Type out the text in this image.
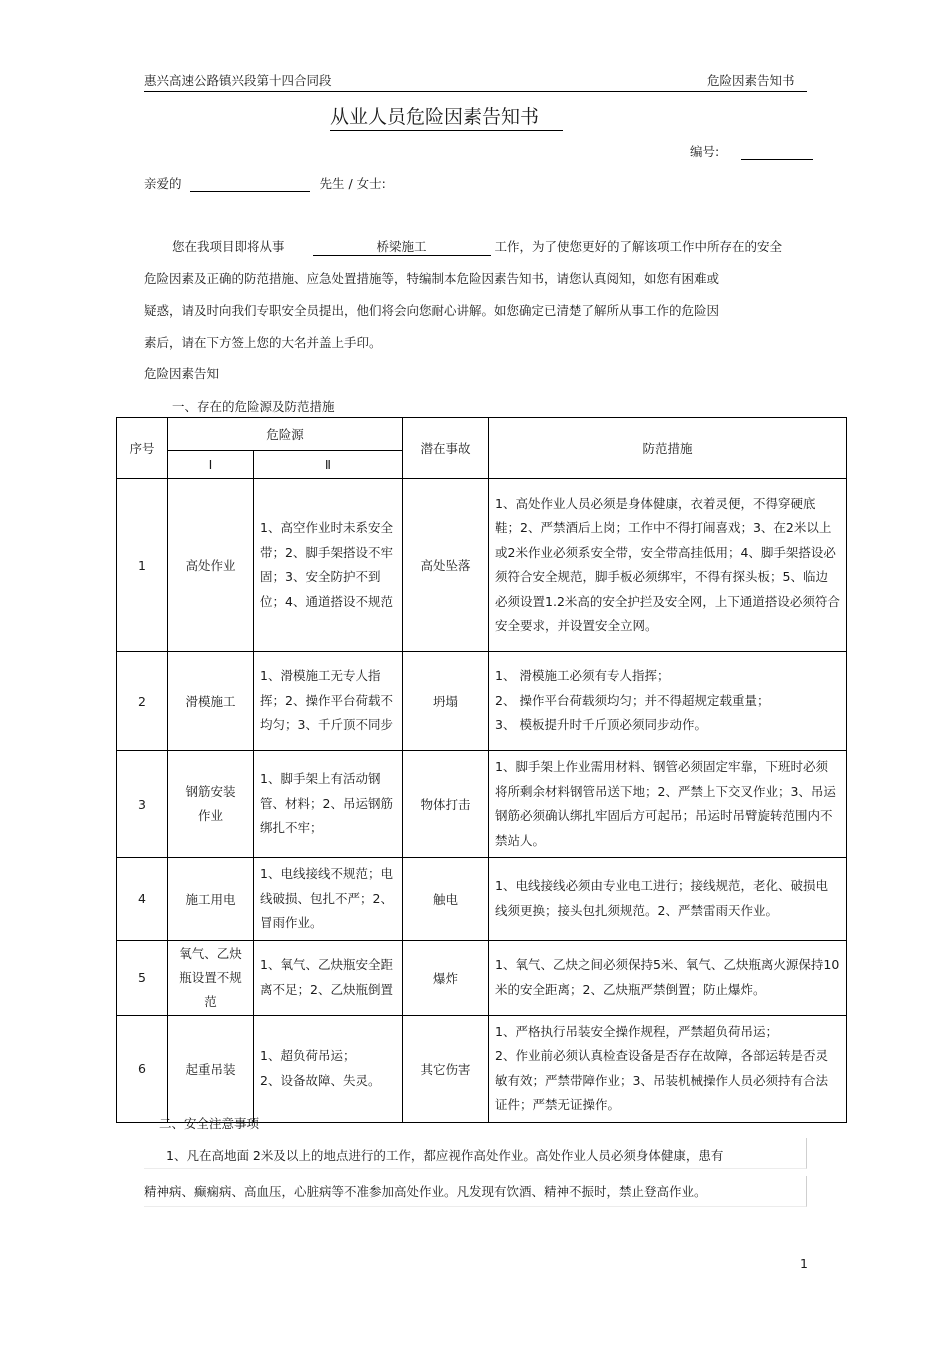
惠兴高速公路镇兴段第十四合同段	危险因素告知书
从业人员危险因素告知书
编号:
亲爱的	先生 / 女士:
您在我项目即将从事	桥梁施工	工作，为了使您更好的了解该项工作中所存在的安全
危险因素及正确的防范措施、应急处置措施等，特编制本危险因素告知书，请您认真阅知，如您有困难或
疑惑，请及时向我们专职安全员提出，他们将会向您耐心讲解。如您确定已清楚了解所从事工作的危险因
素后，请在下方签上您的大名并盖上手印。
危险因素告知
一、存在的危险源及防范措施
序号	危险源		潜在事故	防范措施
	Ⅰ	Ⅱ		
1	高处作业	1、高空作业时未系安全带；2、脚手架搭设不牢固；3、安全防护不到位；4、通道搭设不规范	高处坠落	1、高处作业人员必须是身体健康，衣着灵便，不得穿硬底鞋；2、严禁酒后上岗；工作中不得打闹喜戏；3、在2米以上或2米作业必须系安全带，安全带高挂低用；4、脚手架搭设必须符合安全规范，脚手板必须绑牢，不得有探头板；5、临边必须设置1.2米高的安全护拦及安全网，上下通道搭设必须符合安全要求，并设置安全立网。
2	滑模施工	1、滑模施工无专人指挥；2、操作平台荷载不均匀；3、千斤顶不同步	坍塌	1、 滑模施工必须有专人指挥；
2、 操作平台荷载须均匀；并不得超规定载重量；
3、 模板提升时千斤顶必须同步动作。
3	钢筋安装作业	1、脚手架上有活动钢管、材料；2、吊运钢筋绑扎不牢；	物体打击	1、脚手架上作业需用材料、钢管必须固定牢靠，下班时必须将所剩余材料钢管吊送下地；2、严禁上下交叉作业；3、吊运钢筋必须确认绑扎牢固后方可起吊；吊运时吊臂旋转范围内不禁站人。
4	施工用电	1、电线接线不规范；电线破损、包扎不严；2、冒雨作业。	触电	1、电线接线必须由专业电工进行；接线规范，老化、破损电线须更换；接头包扎须规范。2、严禁雷雨天作业。
5	氧气、乙炔瓶设置不规范	1、氧气、乙炔瓶安全距离不足；2、乙炔瓶倒置	爆炸	1、氧气、乙炔之间必须保持5米、氧气、乙炔瓶离火源保持10米的安全距离；2、乙炔瓶严禁倒置；防止爆炸。
6	起重吊装	1、超负荷吊运；
2、设备故障、失灵。	其它伤害	1、严格执行吊装安全操作规程，严禁超负荷吊运；
2、作业前必须认真检查设备是否存在故障，各部运转是否灵敏有效；严禁带障作业；3、吊装机械操作人员必须持有合法证件；严禁无证操作。
二、安全注意事项
1、凡在高地面 2米及以上的地点进行的工作，都应视作高处作业。高处作业人员必须身体健康，患有
精神病、癫痫病、高血压，心脏病等不准参加高处作业。凡发现有饮酒、精神不振时，禁止登高作业。
1
